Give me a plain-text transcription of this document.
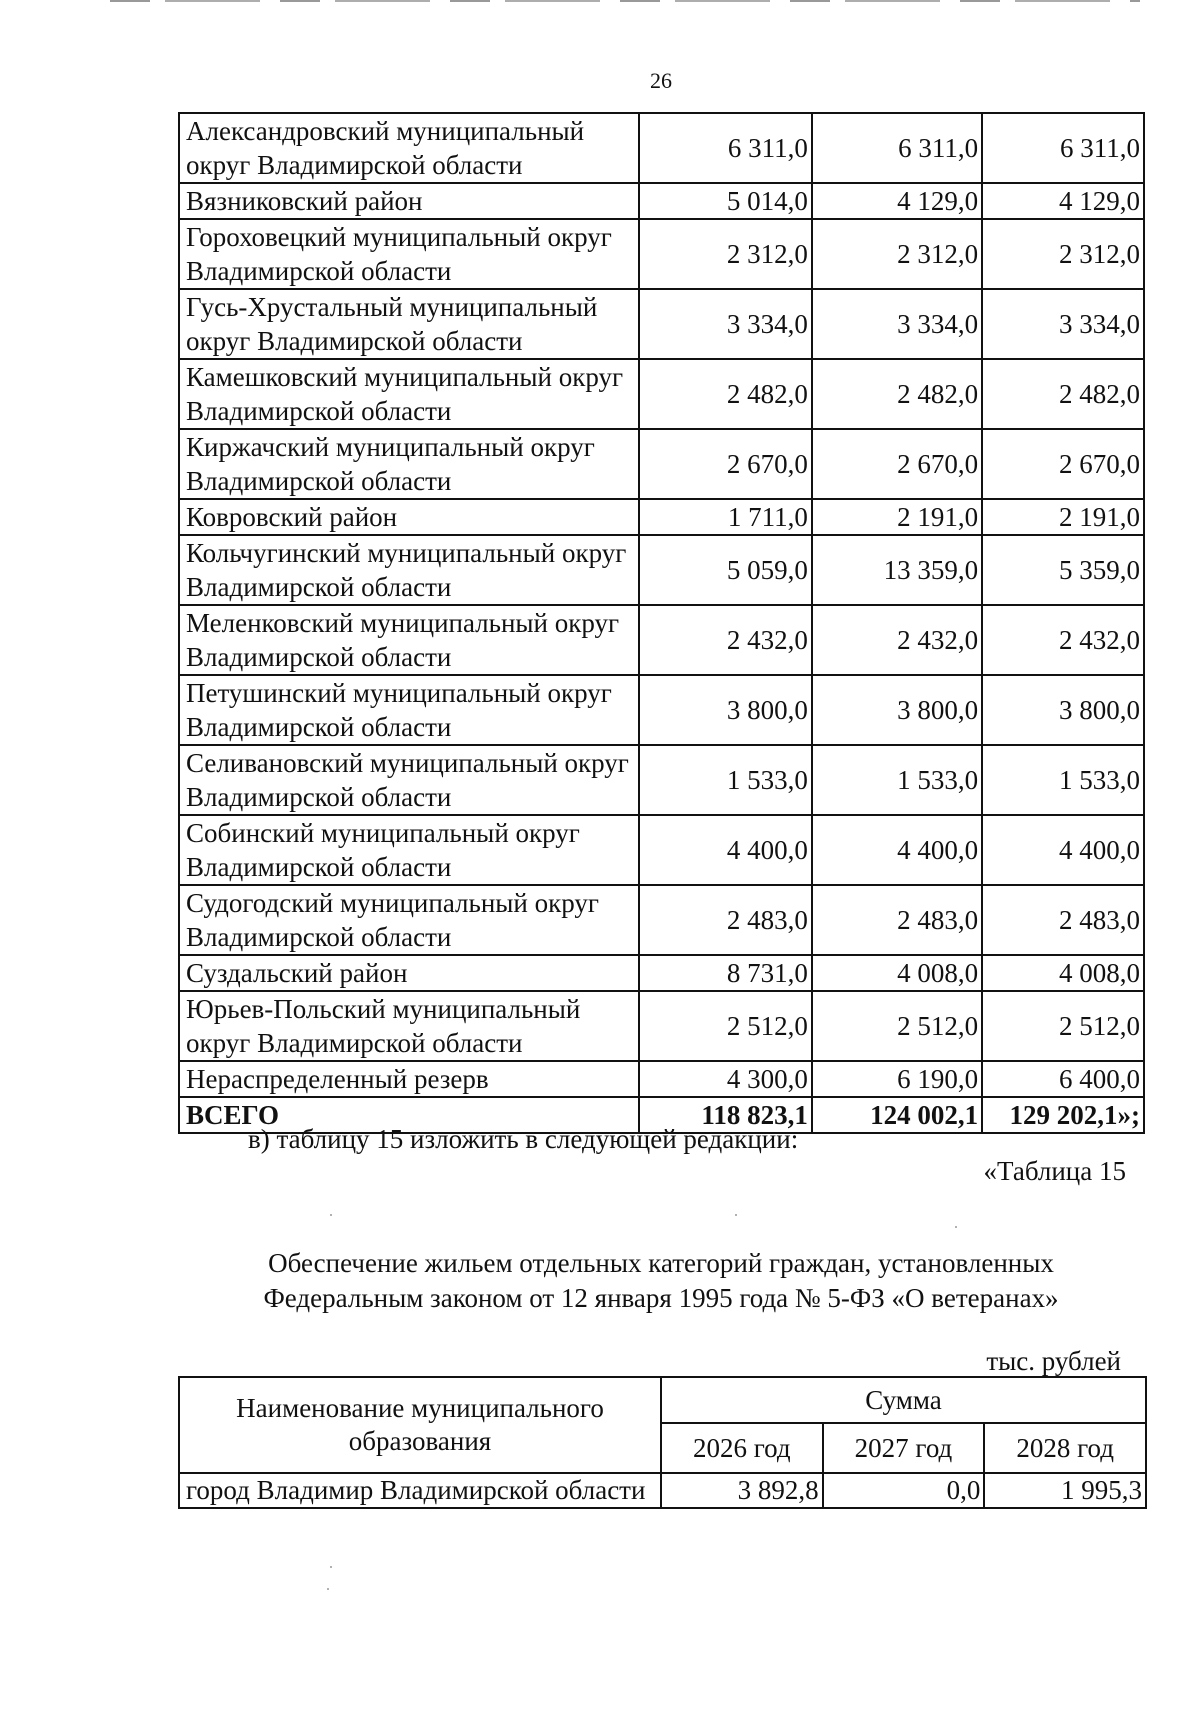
26
Александровский муниципальный округ Владимирской области	6 311,0	6 311,0	6 311,0
Вязниковский район	5 014,0	4 129,0	4 129,0
Гороховецкий муниципальный округ Владимирской области	2 312,0	2 312,0	2 312,0
Гусь-Хрустальный муниципальный округ Владимирской области	3 334,0	3 334,0	3 334,0
Камешковский муниципальный округ Владимирской области	2 482,0	2 482,0	2 482,0
Киржачский муниципальный округ Владимирской области	2 670,0	2 670,0	2 670,0
Ковровский район	1 711,0	2 191,0	2 191,0
Кольчугинский муниципальный округ Владимирской области	5 059,0	13 359,0	5 359,0
Меленковский муниципальный округ Владимирской области	2 432,0	2 432,0	2 432,0
Петушинский муниципальный округ Владимирской области	3 800,0	3 800,0	3 800,0
Селивановский муниципальный округ Владимирской области	1 533,0	1 533,0	1 533,0
Собинский муниципальный округ Владимирской области	4 400,0	4 400,0	4 400,0
Судогодский муниципальный округ Владимирской области	2 483,0	2 483,0	2 483,0
Суздальский район	8 731,0	4 008,0	4 008,0
Юрьев-Польский муниципальный округ Владимирской области	2 512,0	2 512,0	2 512,0
Нераспределенный резерв	4 300,0	6 190,0	6 400,0
ВСЕГО	118 823,1	124 002,1	129 202,1»;
в) таблицу 15 изложить в следующей редакции:
«Таблица 15
Обеспечение жильем отдельных категорий граждан, установленных
Федеральным законом от 12 января 1995 года № 5-ФЗ «О ветеранах»
тыс. рублей
Наименование муниципального образования	Сумма		
	2026 год	2027 год	2028 год
город Владимир Владимирской области	3 892,8	0,0	1 995,3
